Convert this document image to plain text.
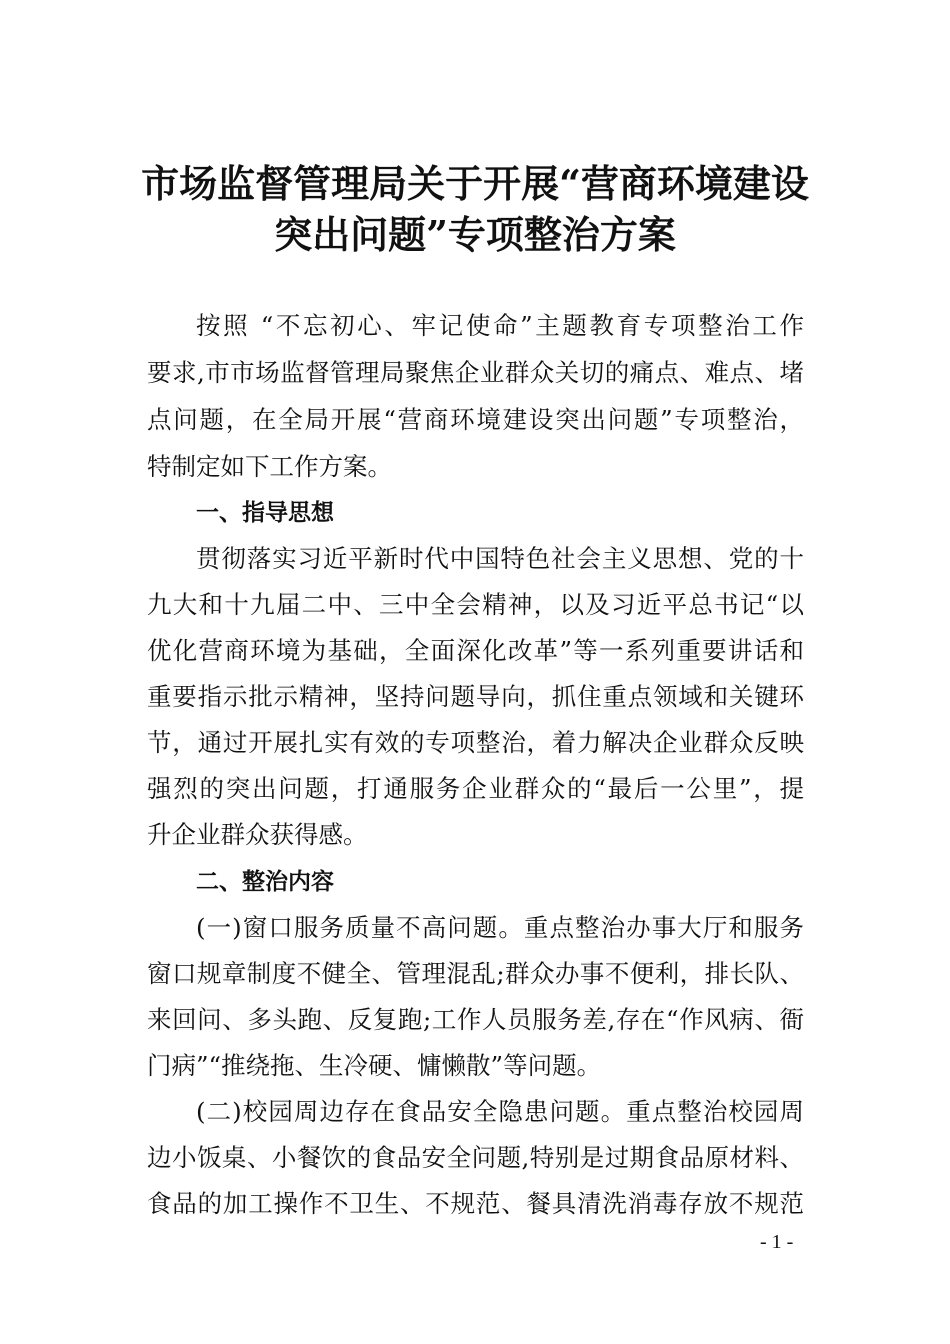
市场监督管理局关于开展“营商环境建设
突出问题”专项整治方案
按照 “不忘初心、牢记使命”主题教育专项整治工作
要求,市市场监督管理局聚焦企业群众关切的痛点、难点、堵
点问题，在全局开展“营商环境建设突出问题”专项整治，
特制定如下工作方案。
一、指导思想
贯彻落实习近平新时代中国特色社会主义思想、党的十
九大和十九届二中、三中全会精神，以及习近平总书记“以
优化营商环境为基础，全面深化改革”等一系列重要讲话和
重要指示批示精神，坚持问题导向，抓住重点领域和关键环
节，通过开展扎实有效的专项整治，着力解决企业群众反映
强烈的突出问题，打通服务企业群众的“最后一公里”，提
升企业群众获得感。
二、整治内容
(一)窗口服务质量不高问题。重点整治办事大厅和服务
窗口规章制度不健全、管理混乱;群众办事不便利，排长队、
来回问、多头跑、反复跑;工作人员服务差,存在“作风病、衙
门病”“推绕拖、生冷硬、慵懒散”等问题。
(二)校园周边存在食品安全隐患问题。重点整治校园周
边小饭桌、小餐饮的食品安全问题,特别是过期食品原材料、
食品的加工操作不卫生、不规范、餐具清洗消毒存放不规范
- 1 -
